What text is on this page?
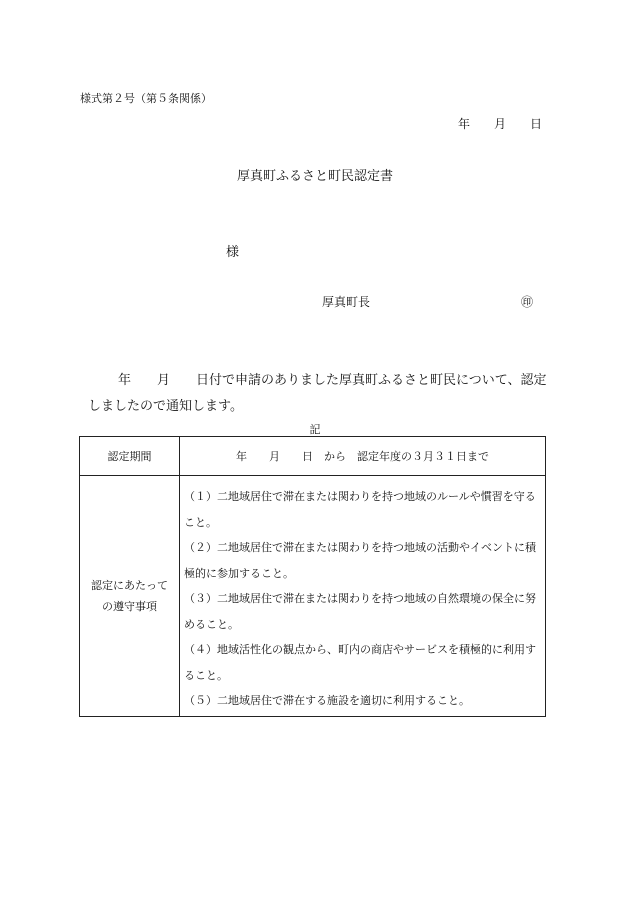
様式第２号（第５条関係）
年　　月　　日
厚真町ふるさと町民認定書
様
厚真町長	㊞
年　　月　　日付で申請のありました厚真町ふるさと町民について、認定しましたので通知します。
記
認定期間	年　　月　　日　から　認定年度の３月３１日まで

認定にあたっての遵守事項	（１）二地域居住で滞在または関わりを持つ地域のルールや慣習を守ること。
（２）二地域居住で滞在または関わりを持つ地域の活動やイベントに積極的に参加すること。
（３）二地域居住で滞在または関わりを持つ地域の自然環境の保全に努めること。
（４）地域活性化の観点から、町内の商店やサービスを積極的に利用すること。
（５）二地域居住で滞在する施設を適切に利用すること。
